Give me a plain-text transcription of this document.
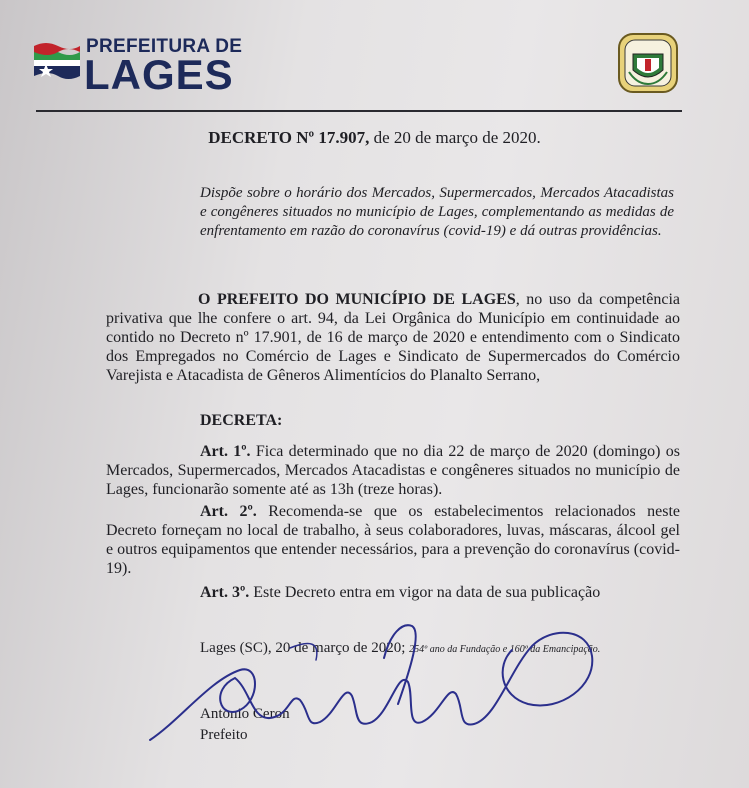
PREFEITURA DE
LAGES
DECRETO Nº 17.907, de 20 de março de 2020.
Dispõe sobre o horário dos Mercados, Supermercados, Mercados Atacadistas e congêneres situados no município de Lages, complementando as medidas de enfrentamento em razão do coronavírus (covid-19) e dá outras providências.
O PREFEITO DO MUNICÍPIO DE LAGES, no uso da competência privativa que lhe confere o art. 94, da Lei Orgânica do Município em continuidade ao contido no Decreto nº 17.901, de 16 de março de 2020 e entendimento com o Sindicato dos Empregados no Comércio de Lages e Sindicato de Supermercados do Comércio Varejista e Atacadista de Gêneros Alimentícios do Planalto Serrano,
DECRETA:
Art. 1º. Fica determinado que no dia 22 de março de 2020 (domingo) os Mercados, Supermercados, Mercados Atacadistas e congêneres situados no município de Lages, funcionarão somente até as 13h (treze horas).
Art. 2º. Recomenda-se que os estabelecimentos relacionados neste Decreto forneçam no local de trabalho, à seus colaboradores, luvas, máscaras, álcool gel e outros equipamentos que entender necessários, para a prevenção do coronavírus (covid-19).
Art. 3º. Este Decreto entra em vigor na data de sua publicação
Lages (SC), 20 de março de 2020; 254º ano da Fundação e 160º da Emancipação.
Antonio Ceron
Prefeito
